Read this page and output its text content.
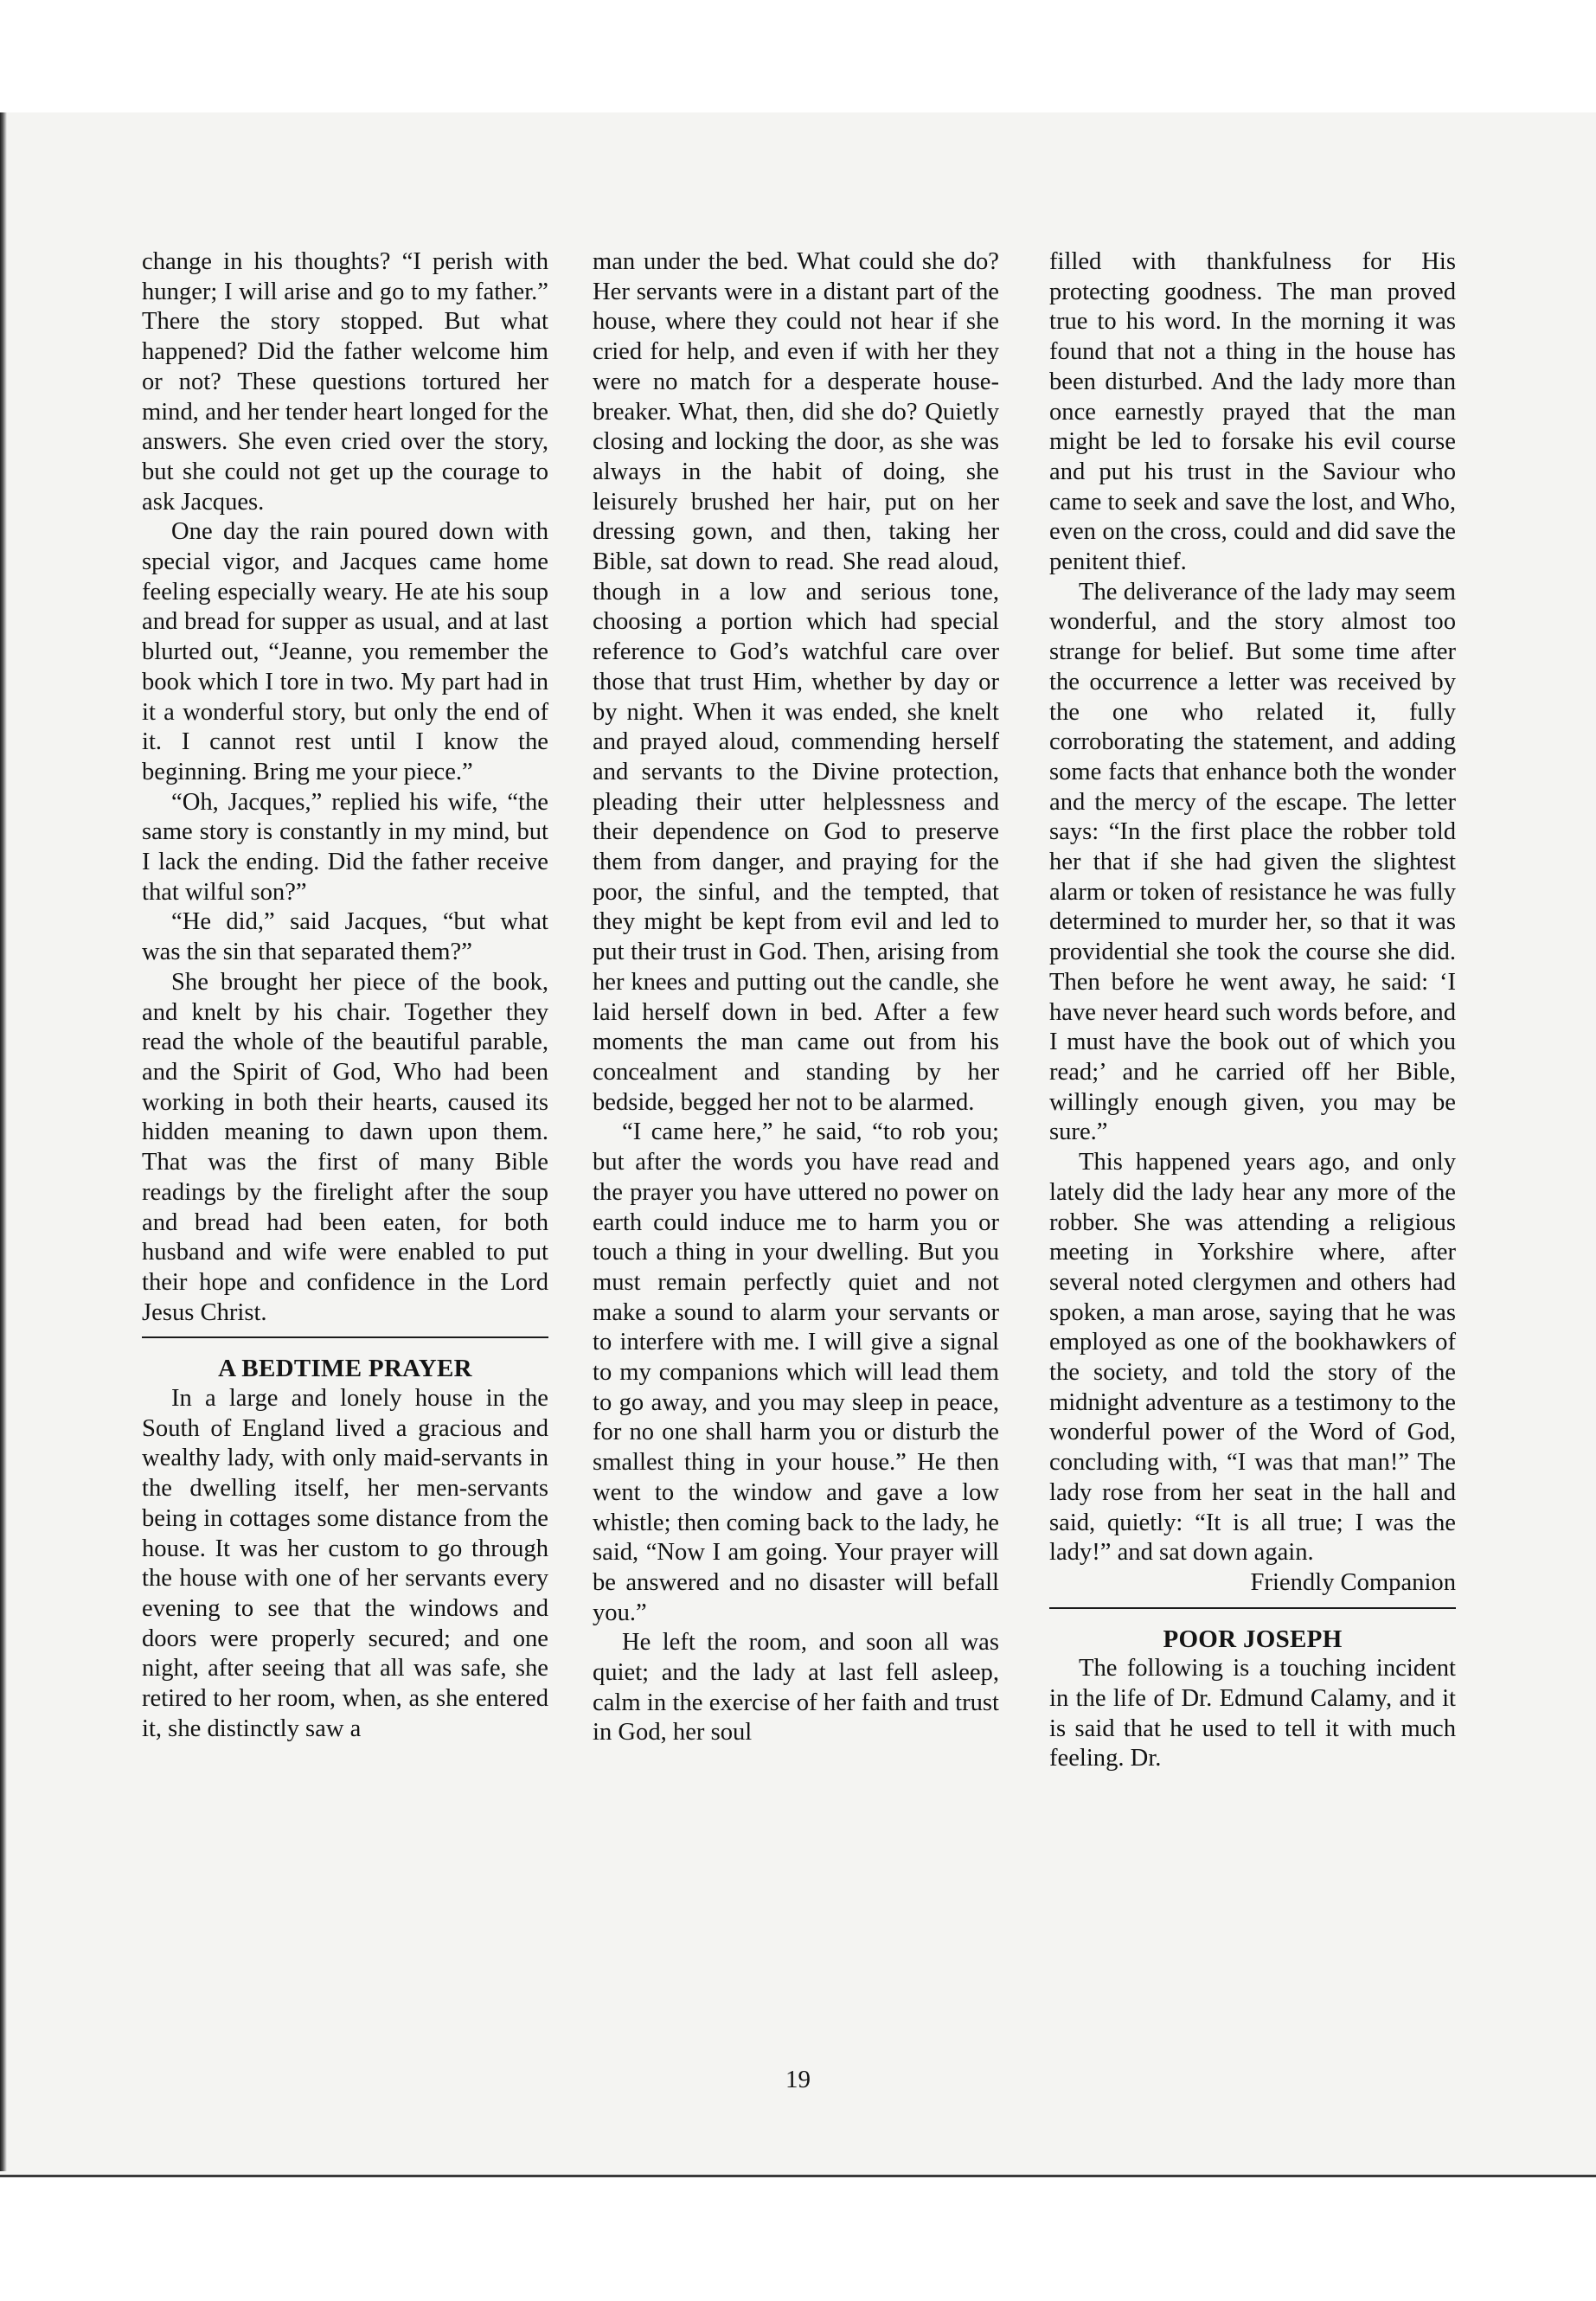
change in his thoughts? “I perish with hunger; I will arise and go to my father.” There the story stopped. But what happened? Did the father welcome him or not? These questions tortured her mind, and her tender heart longed for the answers. She even cried over the story, but she could not get up the courage to ask Jacques.

One day the rain poured down with special vigor, and Jacques came home feeling especially weary. He ate his soup and bread for supper as usual, and at last blurted out, “Jeanne, you remember the book which I tore in two. My part had in it a wonderful story, but only the end of it. I cannot rest until I know the beginning. Bring me your piece.”

“Oh, Jacques,” replied his wife, “the same story is constantly in my mind, but I lack the ending. Did the father receive that wilful son?”

“He did,” said Jacques, “but what was the sin that separated them?”

She brought her piece of the book, and knelt by his chair. Together they read the whole of the beautiful parable, and the Spirit of God, Who had been working in both their hearts, caused its hidden meaning to dawn upon them. That was the first of many Bible readings by the firelight after the soup and bread had been eaten, for both husband and wife were enabled to put their hope and confidence in the Lord Jesus Christ.

A BEDTIME PRAYER

In a large and lonely house in the South of England lived a gracious and wealthy lady, with only maid-servants in the dwelling itself, her men-servants being in cottages some distance from the house. It was her custom to go through the house with one of her servants every evening to see that the windows and doors were properly secured; and one night, after seeing that all was safe, she retired to her room, when, as she entered it, she distinctly saw a

man under the bed. What could she do? Her servants were in a distant part of the house, where they could not hear if she cried for help, and even if with her they were no match for a desperate house-breaker. What, then, did she do? Quietly closing and locking the door, as she was always in the habit of doing, she leisurely brushed her hair, put on her dressing gown, and then, taking her Bible, sat down to read. She read aloud, though in a low and serious tone, choosing a portion which had special reference to God’s watchful care over those that trust Him, whether by day or by night. When it was ended, she knelt and prayed aloud, commending herself and servants to the Divine protection, pleading their utter helplessness and their dependence on God to preserve them from danger, and praying for the poor, the sinful, and the tempted, that they might be kept from evil and led to put their trust in God. Then, arising from her knees and putting out the candle, she laid herself down in bed. After a few moments the man came out from his concealment and standing by her bedside, begged her not to be alarmed.

“I came here,” he said, “to rob you; but after the words you have read and the prayer you have uttered no power on earth could induce me to harm you or touch a thing in your dwelling. But you must remain perfectly quiet and not make a sound to alarm your servants or to interfere with me. I will give a signal to my companions which will lead them to go away, and you may sleep in peace, for no one shall harm you or disturb the smallest thing in your house.” He then went to the window and gave a low whistle; then coming back to the lady, he said, “Now I am going. Your prayer will be answered and no disaster will befall you.”

He left the room, and soon all was quiet; and the lady at last fell asleep, calm in the exercise of her faith and trust in God, her soul

filled with thankfulness for His protecting goodness. The man proved true to his word. In the morning it was found that not a thing in the house has been disturbed. And the lady more than once earnestly prayed that the man might be led to forsake his evil course and put his trust in the Saviour who came to seek and save the lost, and Who, even on the cross, could and did save the penitent thief.

The deliverance of the lady may seem wonderful, and the story almost too strange for belief. But some time after the occurrence a letter was received by the one who related it, fully corroborating the statement, and adding some facts that enhance both the wonder and the mercy of the escape. The letter says: “In the first place the robber told her that if she had given the slightest alarm or token of resistance he was fully determined to murder her, so that it was providential she took the course she did. Then before he went away, he said: ‘I have never heard such words before, and I must have the book out of which you read;’ and he carried off her Bible, willingly enough given, you may be sure.”

This happened years ago, and only lately did the lady hear any more of the robber. She was attending a religious meeting in Yorkshire where, after several noted clergymen and others had spoken, a man arose, saying that he was employed as one of the bookhawkers of the society, and told the story of the midnight adventure as a testimony to the wonderful power of the Word of God, concluding with, “I was that man!” The lady rose from her seat in the hall and said, quietly: “It is all true; I was the lady!” and sat down again.

Friendly Companion

POOR JOSEPH

The following is a touching incident in the life of Dr. Edmund Calamy, and it is said that he used to tell it with much feeling. Dr.

19
